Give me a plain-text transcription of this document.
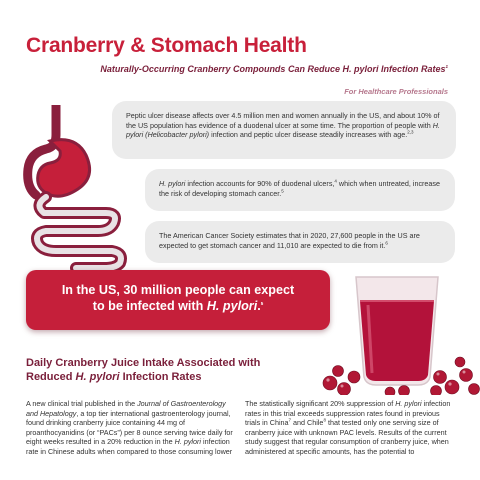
Cranberry & Stomach Health

Naturally-Occurring Cranberry Compounds Can Reduce H. pylori Infection Rates$^1$

For Healthcare Professionals

Peptic ulcer disease affects over 4.5 million men and women annually in the US, and about 10% of the US population has evidence of a duodenal ulcer at some time. The proportion of people with H. pylori (Helicobacter pylori) infection and peptic ulcer disease steadily increases with age.$^{2,3}$
H. pylori infection accounts for 90% of duodenal ulcers,$^4$ which when untreated, increase the risk of developing stomach cancer.$^5$
The American Cancer Society estimates that in 2020, 27,600 people in the US are expected to get stomach cancer and 11,010 are expected to die from it.$^6$
In the US, 30 million people can expect
to be infected with H. pylori.$^5$
Daily Cranberry Juice Intake Associated with
Reduced H. pylori Infection Rates

A new clinical trial published in the Journal of Gastroenterology and Hepatology, a top tier international gastroenterology journal, found drinking cranberry juice containing 44 mg of proanthocyanidins (or “PACs”) per 8 ounce serving twice daily for eight weeks resulted in a 20% reduction in the H. pylori infection rate in Chinese adults when compared to those consuming lower

The statistically significant 20% suppression of H. pylori infection rates in this trial exceeds suppression rates found in previous trials in China$^7$ and Chile$^8$ that tested only one serving size of cranberry juice with unknown PAC levels. Results of the current study suggest that regular consumption of cranberry juice, when administered at specific amounts, has the potential to
